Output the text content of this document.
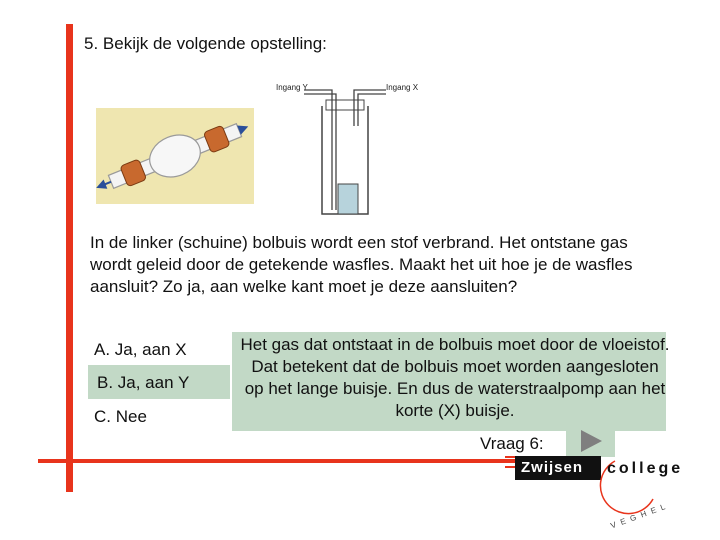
5. Bekijk de volgende opstelling:
Ingang Y	Ingang X
In de linker (schuine) bolbuis wordt een stof verbrand. Het ontstane gas wordt geleid door de getekende wasfles. Maakt het uit hoe je de wasfles aansluit? Zo ja, aan welke kant moet je deze aansluiten?
A. Ja, aan X
B. Ja, aan Y
C. Nee
Het gas dat ontstaat in de bolbuis moet door de vloeistof. Dat betekent dat de bolbuis moet worden aangesloten op het lange buisje. En dus de waterstraalpomp aan het korte (X) buisje.
Vraag 6:
Zwijsen college
VEGHEL
